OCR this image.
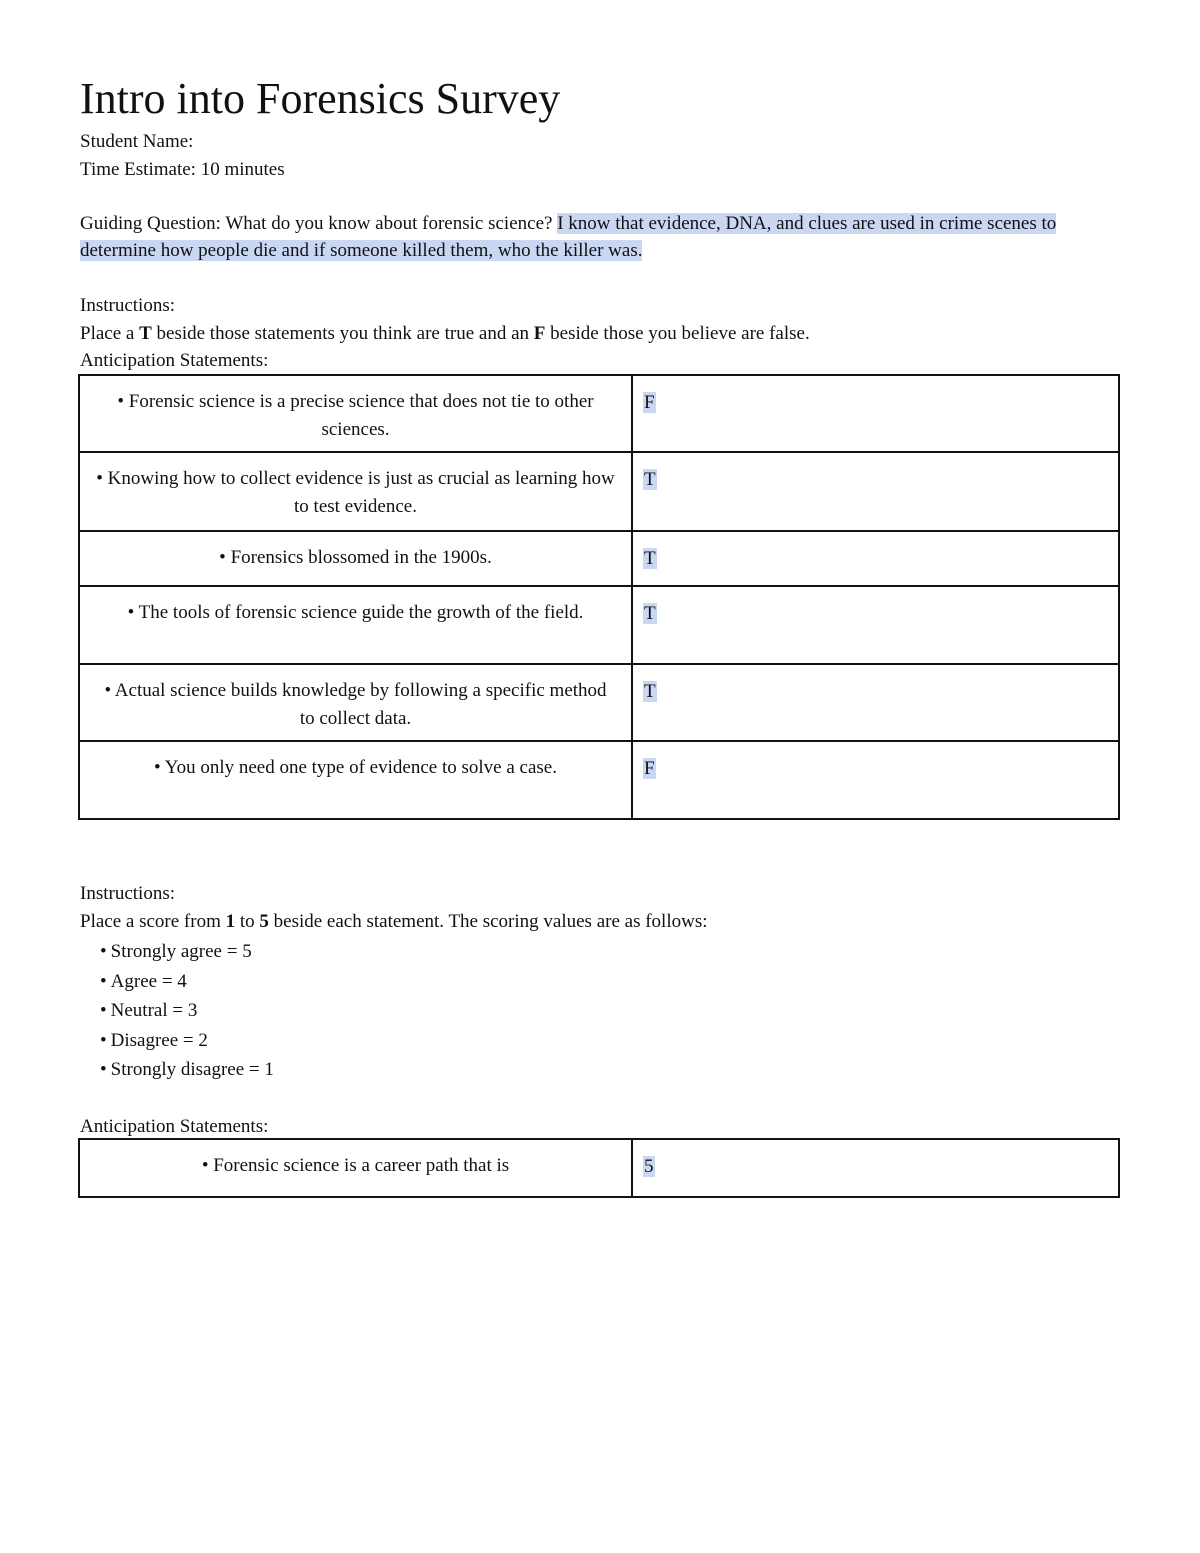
Intro into Forensics Survey
Student Name:
Time Estimate: 10 minutes
Guiding Question: What do you know about forensic science? I know that evidence, DNA, and clues are used in crime scenes to determine how people die and if someone killed them, who the killer was.
Instructions:
Place a T beside those statements you think are true and an F beside those you believe are false.
Anticipation Statements:
• Forensic science is a precise science that does not tie to other sciences.	F
• Knowing how to collect evidence is just as crucial as learning how to test evidence.	T
• Forensics blossomed in the 1900s.	T
• The tools of forensic science guide the growth of the field.	T
• Actual science builds knowledge by following a specific method to collect data.	T
• You only need one type of evidence to solve a case.	F
Instructions:
Place a score from 1 to 5 beside each statement. The scoring values are as follows:
• Strongly agree = 5
• Agree = 4
• Neutral = 3
• Disagree = 2
• Strongly disagree = 1
Anticipation Statements:
• Forensic science is a career path that is	5
